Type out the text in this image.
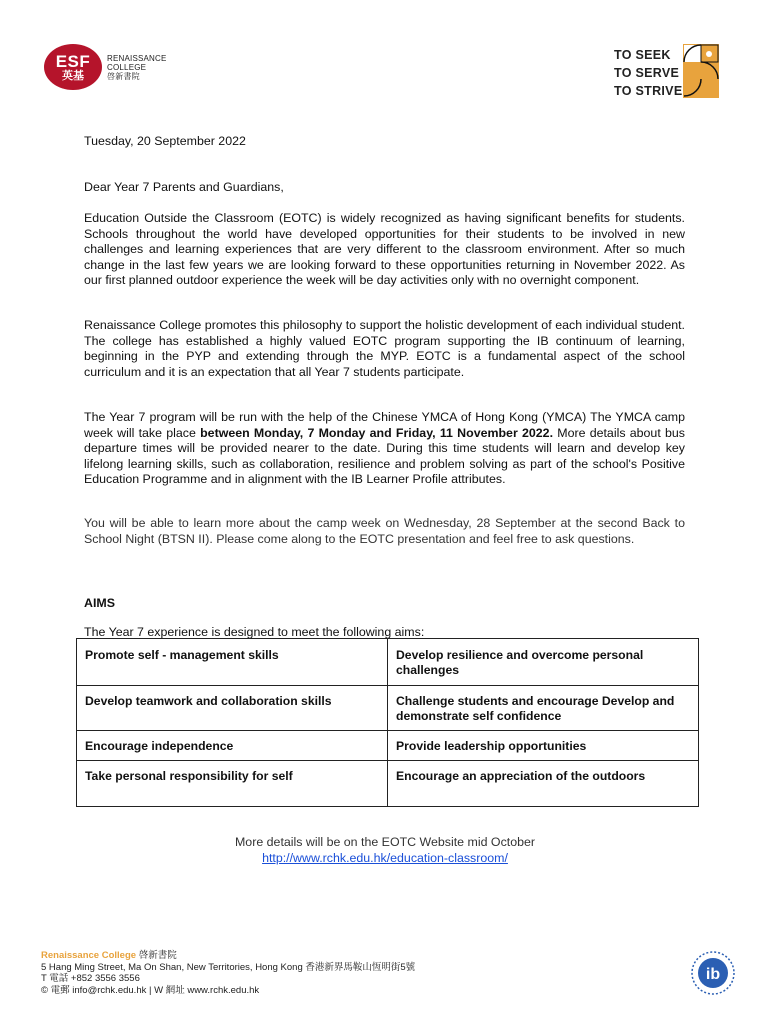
ESF
英基
RENAISSANCE
COLLEGE
啓新書院
TO SEEK
TO SERVE
TO STRIVE
Tuesday, 20 September 2022
Dear Year 7 Parents and Guardians,
Education Outside the Classroom (EOTC) is widely recognized as having significant benefits for students. Schools throughout the world have developed opportunities for their students to be involved in new challenges and learning experiences that are very different to the classroom environment. After so much change in the last few years we are looking forward to these opportunities returning in November 2022. As our first planned outdoor experience the week will be day activities only with no overnight component.
Renaissance College promotes this philosophy to support the holistic development of each individual student. The college has established a highly valued EOTC program supporting the IB continuum of learning, beginning in the PYP and extending through the MYP. EOTC is a fundamental aspect of the school curriculum and it is an expectation that all Year 7 students participate.
The Year 7 program will be run with the help of the Chinese YMCA of Hong Kong (YMCA) The YMCA camp week will take place between Monday, 7 Monday and Friday, 11 November 2022. More details about bus departure times will be provided nearer to the date. During this time students will learn and develop key lifelong learning skills, such as collaboration, resilience and problem solving as part of the school's Positive Education Programme and in alignment with the IB Learner Profile attributes.
You will be able to learn more about the camp week on Wednesday, 28 September at the second Back to School Night (BTSN II). Please come along to the EOTC presentation and feel free to ask questions.
AIMS
The Year 7 experience is designed to meet the following aims:
Promote self - management skills	Develop resilience and overcome personal challenges
Develop teamwork and collaboration skills	Challenge students and encourage Develop and demonstrate self confidence
Encourage independence	Provide leadership opportunities
Take personal responsibility for self	Encourage an appreciation of the outdoors
More details will be on the EOTC Website mid October
http://www.rchk.edu.hk/education-classroom/
Renaissance College 啓新書院
5 Hang Ming Street, Ma On Shan, New Territories, Hong Kong 香港新界馬鞍山恆明街5號
T 電話 +852 3556 3556
© 電郵 info@rchk.edu.hk | W 網址 www.rchk.edu.hk
ib
